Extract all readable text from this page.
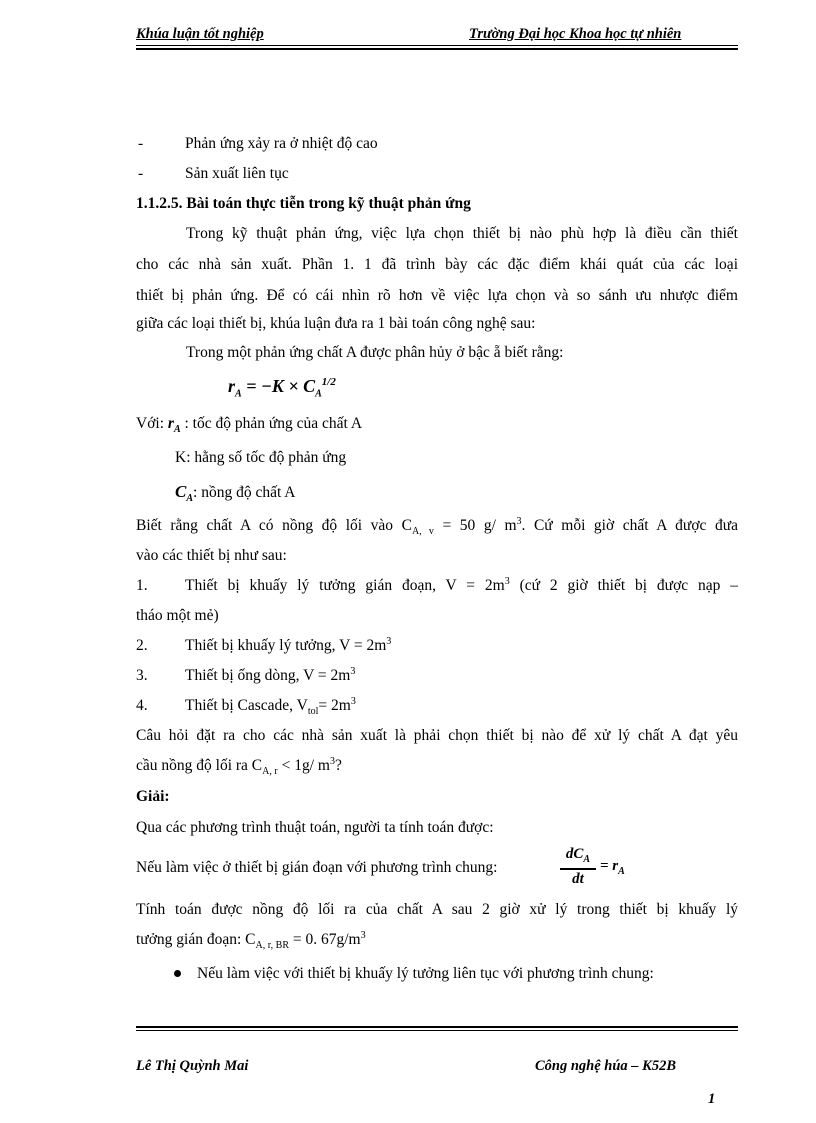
Khúa luận tốt nghiệp	Trường Đại học Khoa học tự nhiên
-	Phản ứng xảy ra ở nhiệt độ cao
-	Sản xuất liên tục
1.1.2.5. Bài toán thực tiễn trong kỹ thuật phản ứng
Trong kỹ thuật phản ứng, việc lựa chọn thiết bị nào phù hợp là điều cần thiết
cho các nhà sản xuất. Phần 1. 1 đã trình bày các đặc điểm khái quát của các loại
thiết bị phản ứng. Để có cái nhìn rõ hơn về việc lựa chọn và so sánh ưu nhược điểm
giữa các loại thiết bị, khúa luận đưa ra 1 bài toán công nghệ sau:
Trong một phản ứng chất A được phân hủy ở bậc ẵ biết rằng:
$r_A = -K \times C_A^{1/2}$
Với: $r_A$ : tốc độ phản ứng của chất A
K: hằng số tốc độ phản ứng
$C_A$: nồng độ chất A
Biết rằng chất A có nồng độ lối vào $C_{A, v} = 50$ g/ $m^3$. Cứ mỗi giờ chất A được đưa
vào các thiết bị như sau:
1. Thiết bị khuấy lý tưởng gián đoạn, $V = 2m^3$ (cứ 2 giờ thiết bị được nạp –
tháo một mẻ)
2. Thiết bị khuấy lý tưởng, $V = 2m^3$
3. Thiết bị ống dòng, $V = 2m^3$
4. Thiết bị Cascade, $V_{tol}= 2m^3$
Câu hỏi đặt ra cho các nhà sản xuất là phải chọn thiết bị nào để xử lý chất A đạt yêu
cầu nồng độ lối ra $C_{A, r} < 1g/$ $m^3$?
Giải:
Qua các phương trình thuật toán, người ta tính toán được:
Nếu làm việc ở thiết bị gián đoạn với phương trình chung:
$dC_A$
dt
= $r_A$
Tính toán được nồng độ lối ra của chất A sau 2 giờ xử lý trong thiết bị khuấy lý
tưởng gián đoạn: $C_{A, r, BR} = 0$. $67g/m^3$
Nếu làm việc với thiết bị khuấy lý tưởng liên tục với phương trình chung:
Lê Thị Quỳnh Mai	Công nghệ húa – K52B
1
